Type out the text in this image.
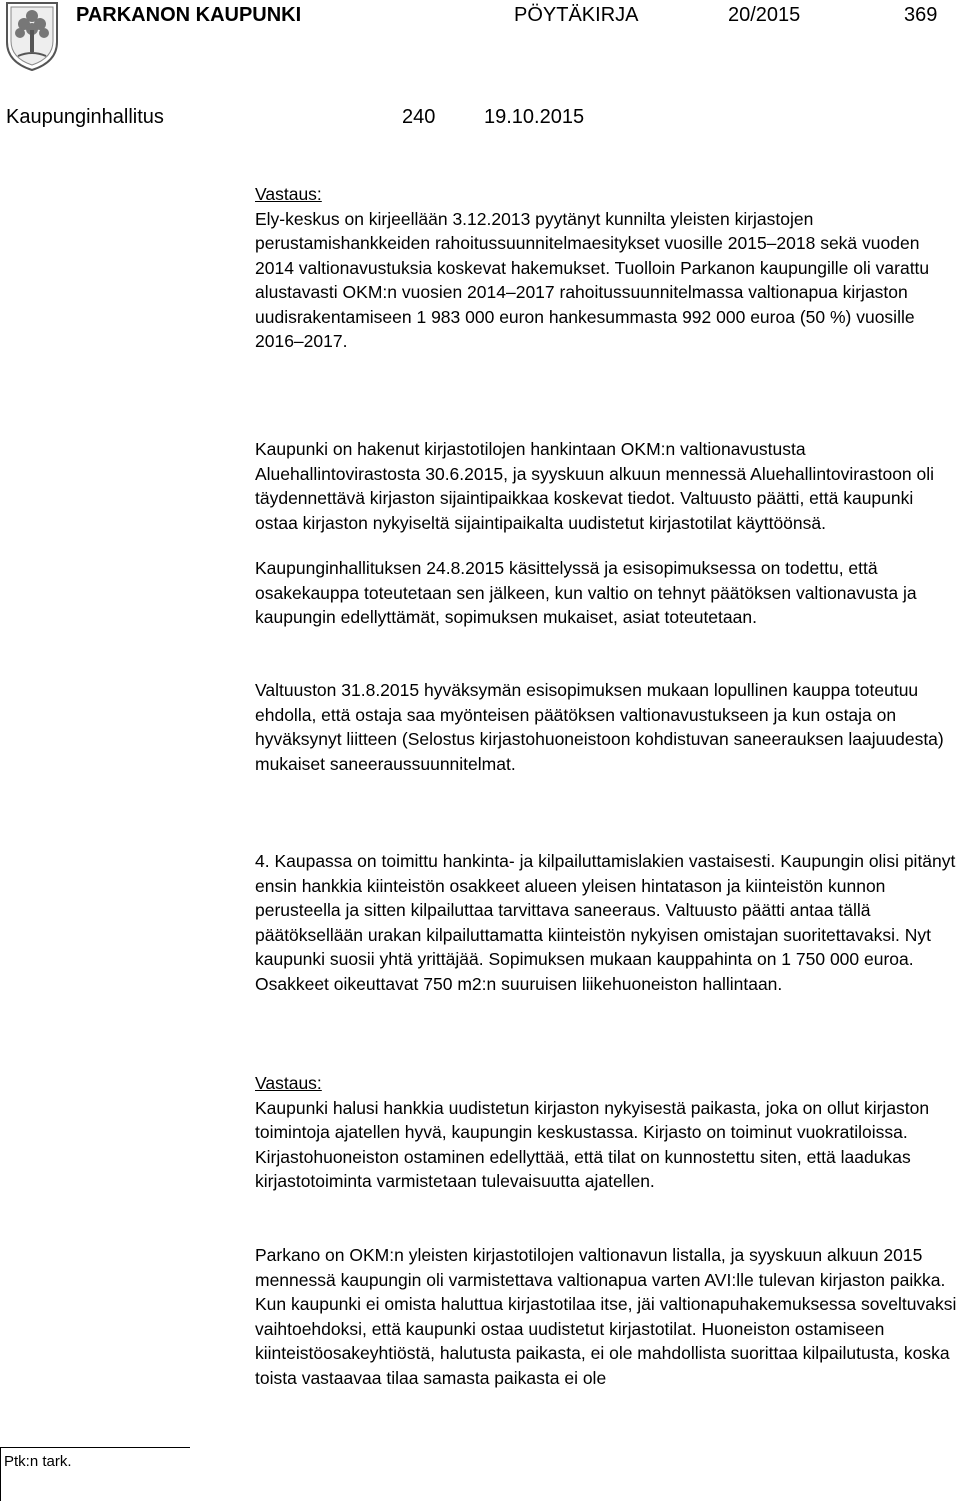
PARKANON KAUPUNKI	PÖYTÄKIRJA	20/2015	369
Kaupunginhallitus	240 19.10.2015

Vastaus:

Ely-keskus on kirjeellään 3.12.2013 pyytänyt kunnilta yleisten kirjastojen perustamishankkeiden rahoitussuunnitelmaesitykset vuosille 2015–2018 sekä vuoden 2014 valtionavustuksia koskevat hakemukset. Tuolloin Parkanon kaupungille oli varattu alustavasti OKM:n vuosien 2014–2017 rahoitussuunnitelmassa valtionapua kirjaston uudisrakentamiseen 1 983 000 euron hankesummasta 992 000 euroa (50 %) vuosille 2016–2017.

Kaupunki on hakenut kirjastotilojen hankintaan OKM:n valtionavustusta Aluehallintovirastosta 30.6.2015, ja syyskuun alkuun mennessä Aluehallintovirastoon oli täydennettävä kirjaston sijaintipaikkaa koskevat tiedot. Valtuusto päätti, että kaupunki ostaa kirjaston nykyiseltä sijaintipaikalta uudistetut kirjastotilat käyttöönsä.
Kaupunginhallituksen 24.8.2015 käsittelyssä ja esisopimuksessa on todettu, että osakekauppa toteutetaan sen jälkeen, kun valtio on tehnyt päätöksen valtionavusta ja kaupungin edellyttämät, sopimuksen mukaiset, asiat toteutetaan.
Valtuuston 31.8.2015 hyväksymän esisopimuksen mukaan lopullinen kauppa toteutuu ehdolla, että ostaja saa myönteisen päätöksen valtionavustukseen ja kun ostaja on hyväksynyt liitteen (Selostus kirjastohuoneistoon kohdistuvan saneerauksen laajuudesta) mukaiset saneeraussuunnitelmat.
4. Kaupassa on toimittu hankinta- ja kilpailuttamislakien vastaisesti. Kaupungin olisi pitänyt ensin hankkia kiinteistön osakkeet alueen yleisen hintatason ja kiinteistön kunnon perusteella ja sitten kilpailuttaa tarvittava saneeraus. Valtuusto päätti antaa tällä päätöksellään urakan kilpailuttamatta kiinteistön nykyisen omistajan suoritettavaksi. Nyt kaupunki suosii yhtä yrittäjää. Sopimuksen mukaan kauppahinta on 1 750 000 euroa. Osakkeet oikeuttavat 750 m2:n suuruisen liikehuoneiston hallintaan.

Vastaus:

Kaupunki halusi hankkia uudistetun kirjaston nykyisestä paikasta, joka on ollut kirjaston toimintoja ajatellen hyvä, kaupungin keskustassa. Kirjasto on toiminut vuokratiloissa. Kirjastohuoneiston ostaminen edellyttää, että tilat on kunnostettu siten, että laadukas kirjastotoiminta varmistetaan tulevaisuutta ajatellen.

Parkano on OKM:n yleisten kirjastotilojen valtionavun listalla, ja syyskuun alkuun 2015 mennessä kaupungin oli varmistettava valtionapua varten AVI:lle tulevan kirjaston paikka. Kun kaupunki ei omista haluttua kirjastotilaa itse, jäi valtionapuhakemuksessa soveltuvaksi vaihtoehdoksi, että kaupunki ostaa uudistetut kirjastotilat. Huoneiston ostamiseen kiinteistöosakeyhtiöstä, halutusta paikasta, ei ole mahdollista suorittaa kilpailutusta, koska toista vastaavaa tilaa samasta paikasta ei ole
Ptk:n tark.
